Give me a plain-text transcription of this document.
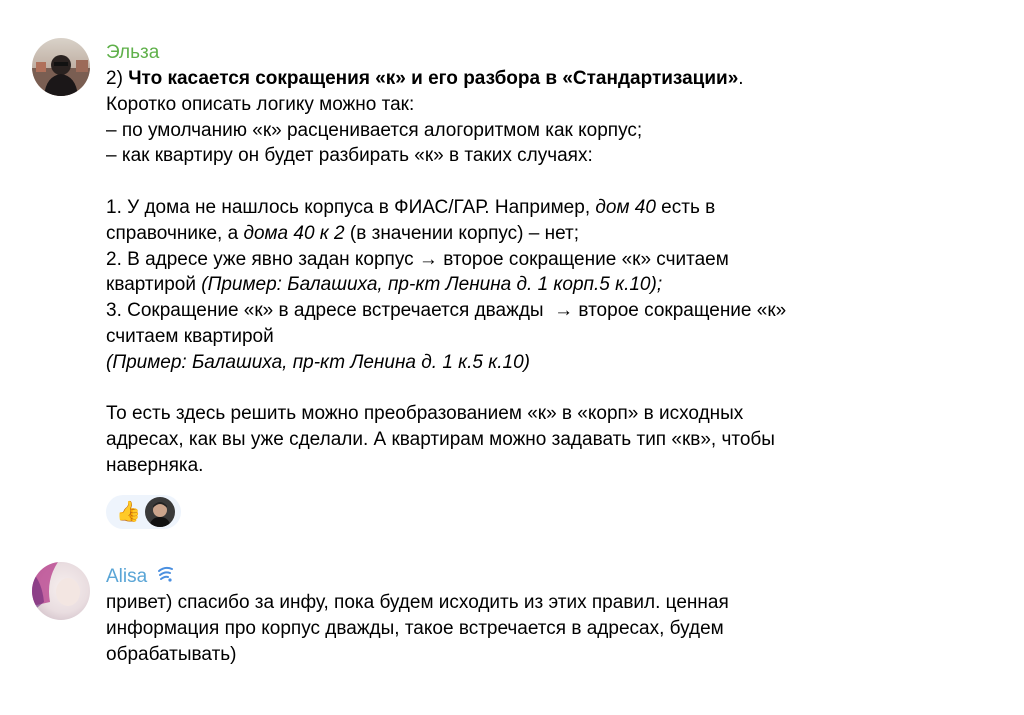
Эльза
2) Что касается сокращения «к» и его разбора в «Стандартизации».
Коротко описать логику можно так:
– по умолчанию «к» расценивается алогоритмом как корпус;
– как квартиру он будет разбирать «к» в таких случаях:
1. У дома не нашлось корпуса в ФИАС/ГАР. Например, дом 40 есть в
справочнике, а дома 40 к 2 (в значении корпус) – нет;
2. В адресе уже явно задан корпус → второе сокращение «к» считаем
квартирой (Пример: Балашиха, пр-кт Ленина д. 1 корп.5 к.10);
3. Сокращение «к» в адресе встречается дважды  → второе сокращение «к»
считаем квартирой
(Пример: Балашиха, пр-кт Ленина д. 1 к.5 к.10)
То есть здесь решить можно преобразованием «к» в «корп» в исходных
адресах, как вы уже сделали. А квартирам можно задавать тип «кв», чтобы
наверняка.
👍
Alisa
привет) спасибо за инфу, пока будем исходить из этих правил. ценная
информация про корпус дважды, такое встречается в адресах, будем
обрабатывать)
